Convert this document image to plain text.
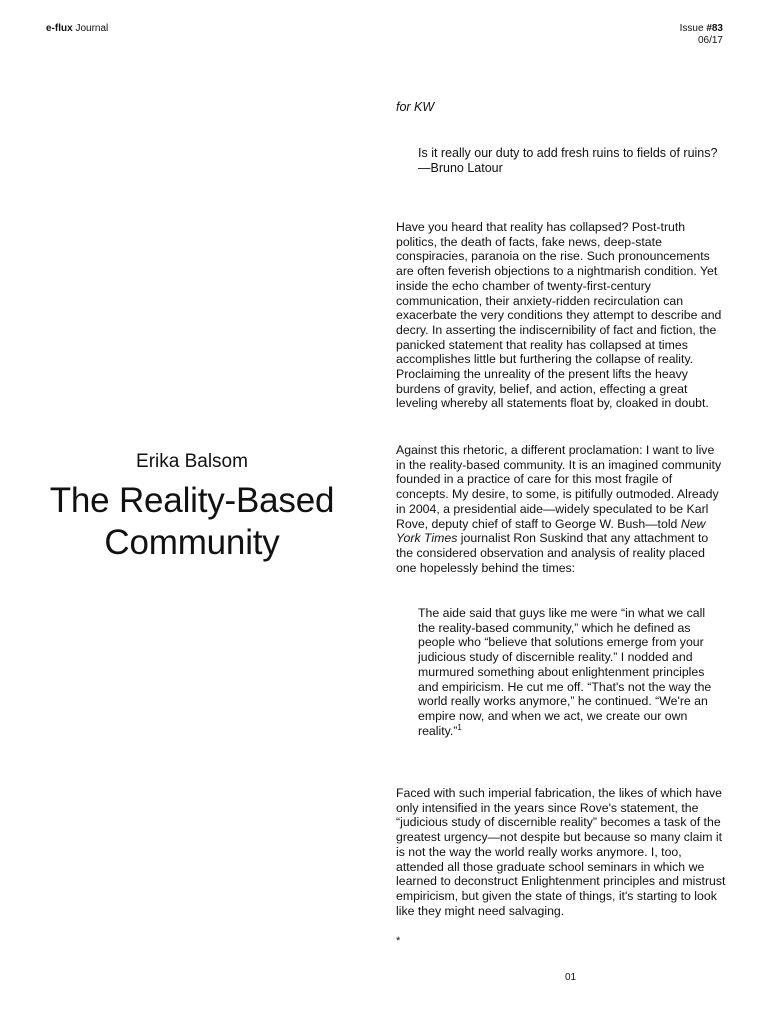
e-flux Journal	Issue #83
06/17
Erika Balsom
The Reality-Based
Community
for KW
Is it really our duty to add fresh ruins to fields of ruins?
—Bruno Latour

Have you heard that reality has collapsed? Post-truth politics, the death of facts, fake news, deep-state conspiracies, paranoia on the rise. Such pronouncements are often feverish objections to a nightmarish condition. Yet inside the echo chamber of twenty-first-century communication, their anxiety-ridden recirculation can exacerbate the very conditions they attempt to describe and decry. In asserting the indiscernibility of fact and fiction, the panicked statement that reality has collapsed at times accomplishes little but furthering the collapse of reality. Proclaiming the unreality of the present lifts the heavy burdens of gravity, belief, and action, effecting a great leveling whereby all statements float by, cloaked in doubt.

Against this rhetoric, a different proclamation: I want to live in the reality-based community. It is an imagined community founded in a practice of care for this most fragile of concepts. My desire, to some, is pitifully outmoded. Already in 2004, a presidential aide—widely speculated to be Karl Rove, deputy chief of staff to George W. Bush—told New York Times journalist Ron Suskind that any attachment to the considered observation and analysis of reality placed one hopelessly behind the times:

The aide said that guys like me were “in what we call the reality-based community,” which he defined as people who “believe that solutions emerge from your judicious study of discernible reality.” I nodded and murmured something about enlightenment principles and empiricism. He cut me off. “That's not the way the world really works anymore,” he continued. “We're an empire now, and when we act, we create our own reality.”$^1$

Faced with such imperial fabrication, the likes of which have only intensified in the years since Rove's statement, the “judicious study of discernible reality” becomes a task of the greatest urgency—not despite but because so many claim it is not the way the world really works anymore. I, too, attended all those graduate school seminars in which we learned to deconstruct Enlightenment principles and mistrust empiricism, but given the state of things, it's starting to look like they might need salvaging.

*
01
